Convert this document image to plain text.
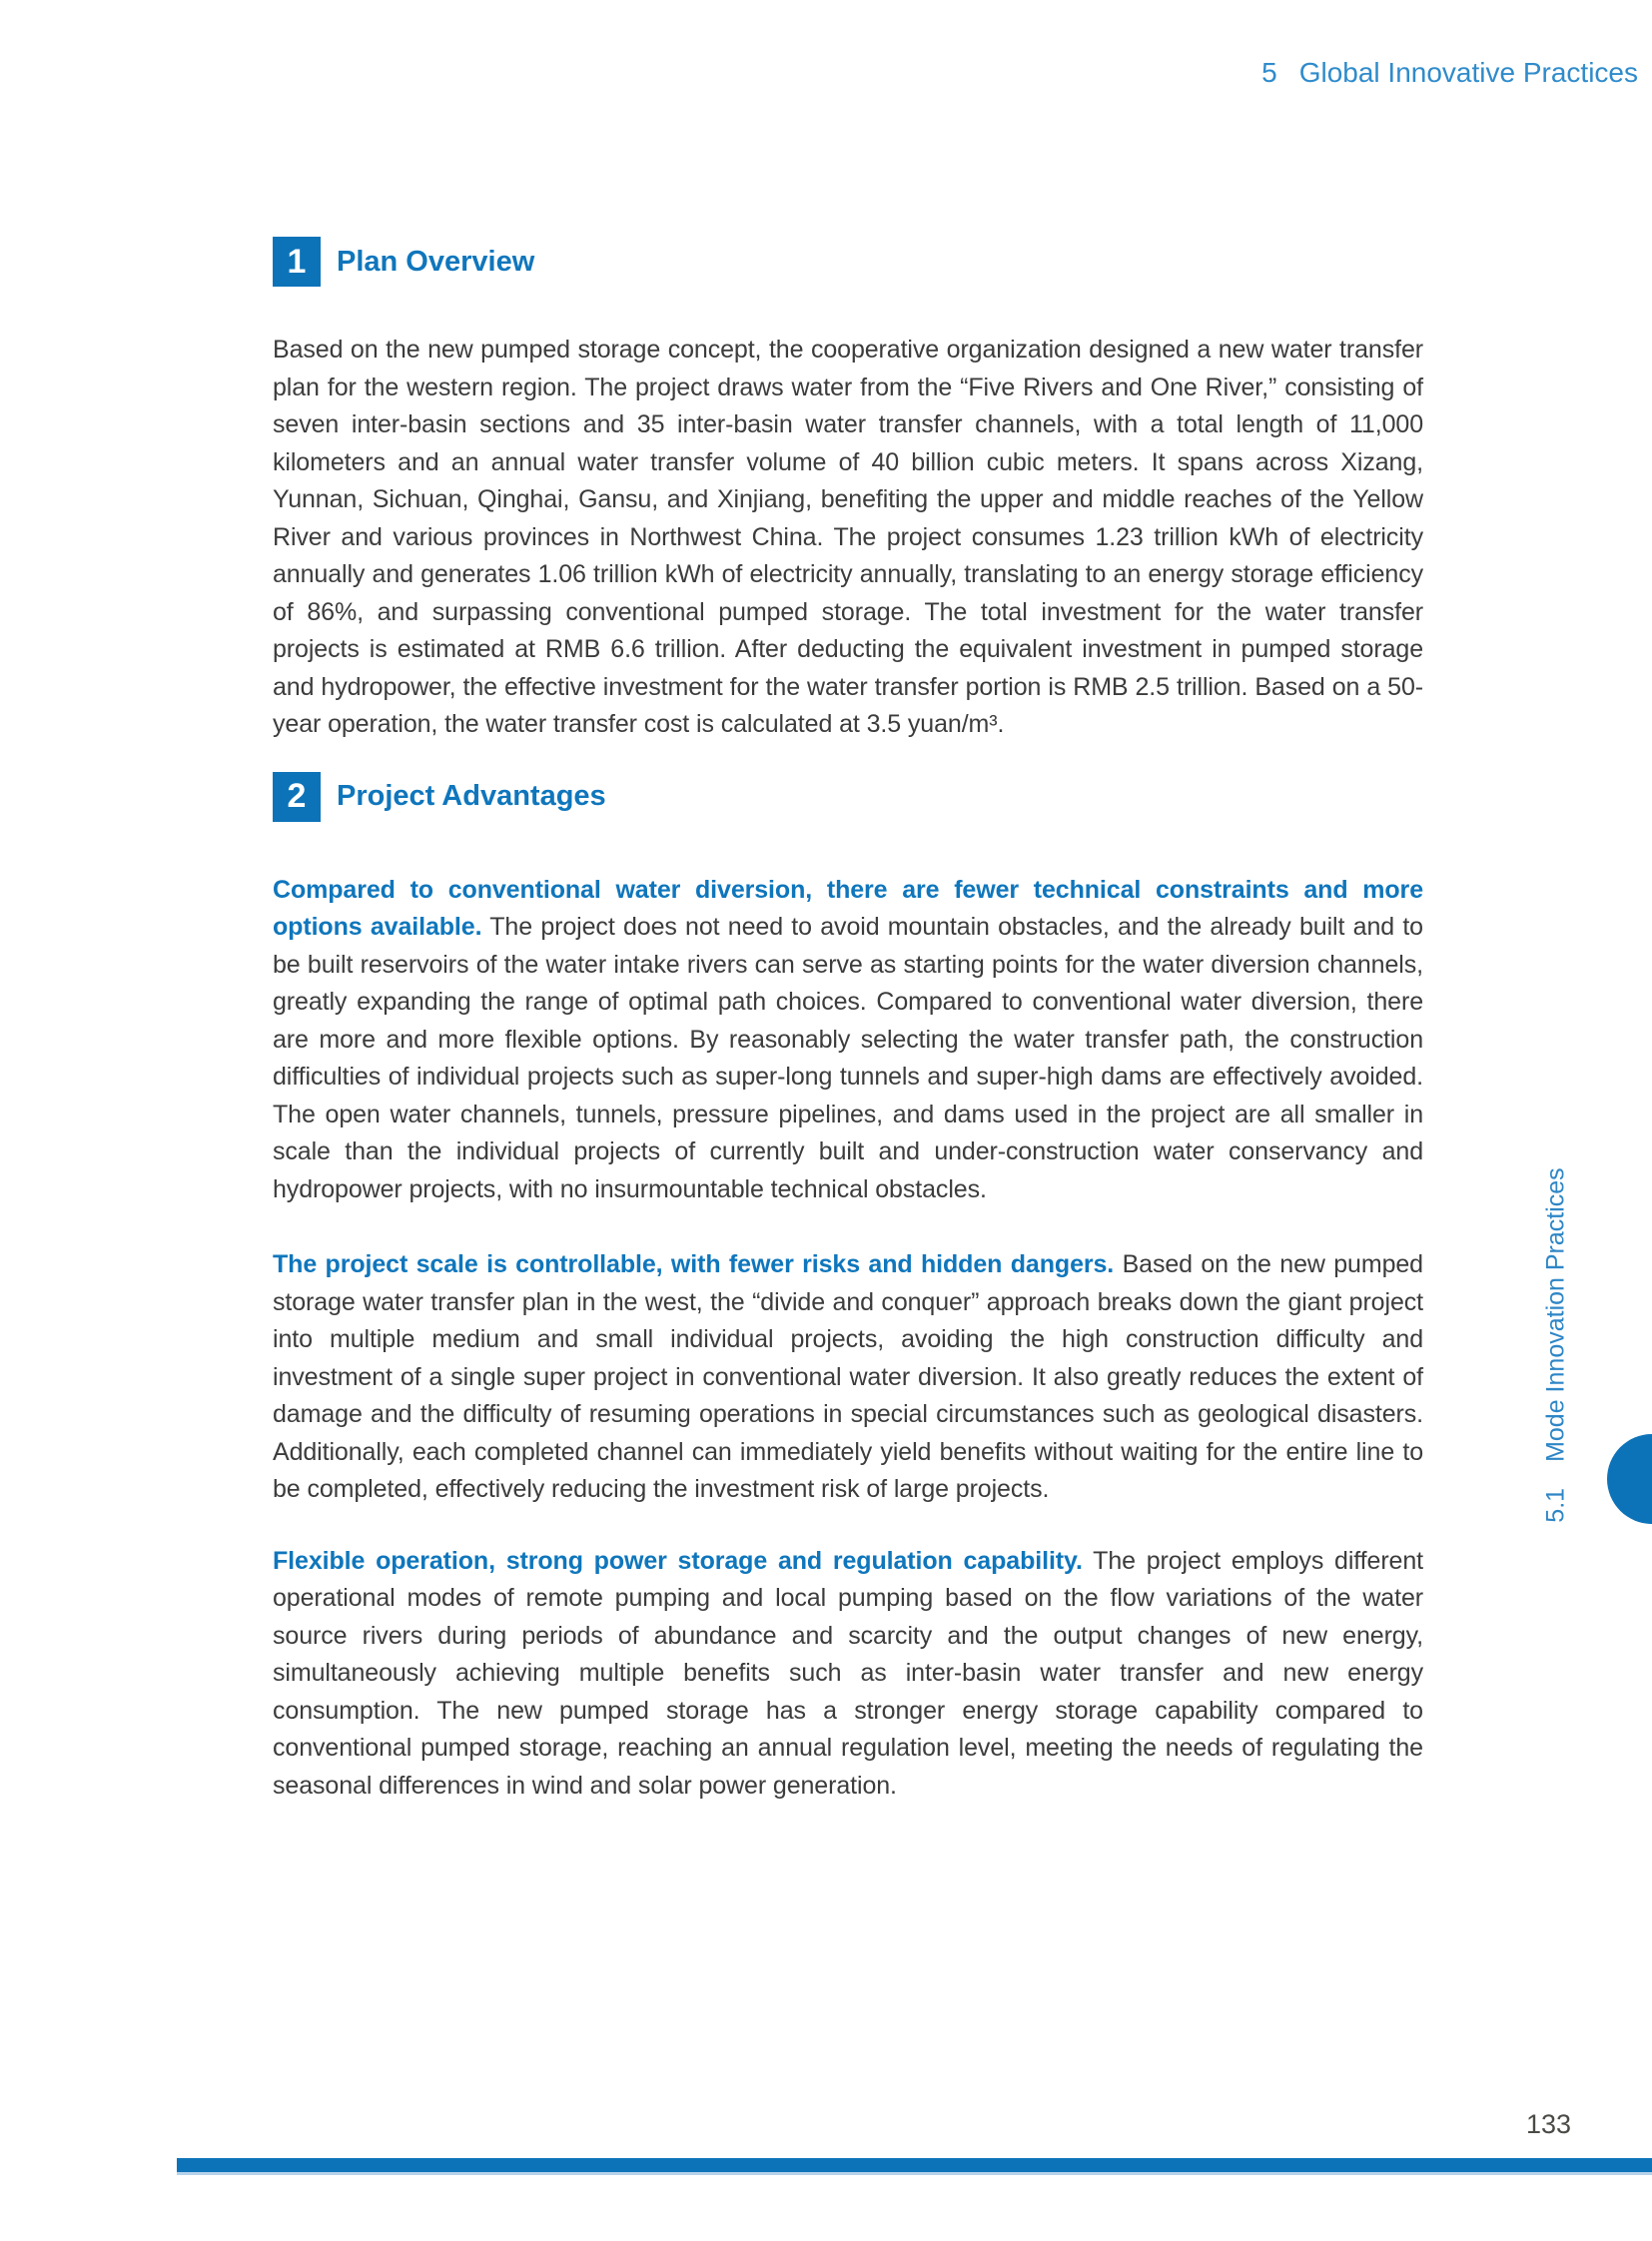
5 Global Innovative Practices
1	Plan Overview

Based on the new pumped storage concept, the cooperative organization designed a new water transfer plan for the western region. The project draws water from the “Five Rivers and One River,” consisting of seven inter-basin sections and 35 inter-basin water transfer channels, with a total length of 11,000 kilometers and an annual water transfer volume of 40 billion cubic meters. It spans across Xizang, Yunnan, Sichuan, Qinghai, Gansu, and Xinjiang, benefiting the upper and middle reaches of the Yellow River and various provinces in Northwest China. The project consumes 1.23 trillion kWh of electricity annually and generates 1.06 trillion kWh of electricity annually, translating to an energy storage efficiency of 86%, and surpassing conventional pumped storage. The total investment for the water transfer projects is estimated at RMB 6.6 trillion. After deducting the equivalent investment in pumped storage and hydropower, the effective investment for the water transfer portion is RMB 2.5 trillion. Based on a 50-year operation, the water transfer cost is calculated at 3.5 yuan/m³.

2	Project Advantages

Compared to conventional water diversion, there are fewer technical constraints and more options available. The project does not need to avoid mountain obstacles, and the already built and to be built reservoirs of the water intake rivers can serve as starting points for the water diversion channels, greatly expanding the range of optimal path choices. Compared to conventional water diversion, there are more and more flexible options. By reasonably selecting the water transfer path, the construction difficulties of individual projects such as super-long tunnels and super-high dams are effectively avoided. The open water channels, tunnels, pressure pipelines, and dams used in the project are all smaller in scale than the individual projects of currently built and under-construction water conservancy and hydropower projects, with no insurmountable technical obstacles.

The project scale is controllable, with fewer risks and hidden dangers. Based on the new pumped storage water transfer plan in the west, the “divide and conquer” approach breaks down the giant project into multiple medium and small individual projects, avoiding the high construction difficulty and investment of a single super project in conventional water diversion. It also greatly reduces the extent of damage and the difficulty of resuming operations in special circumstances such as geological disasters. Additionally, each completed channel can immediately yield benefits without waiting for the entire line to be completed, effectively reducing the investment risk of large projects.

Flexible operation, strong power storage and regulation capability. The project employs different operational modes of remote pumping and local pumping based on the flow variations of the water source rivers during periods of abundance and scarcity and the output changes of new energy, simultaneously achieving multiple benefits such as inter-basin water transfer and new energy consumption. The new pumped storage has a stronger energy storage capability compared to conventional pumped storage, reaching an annual regulation level, meeting the needs of regulating the seasonal differences in wind and solar power generation.

5.1Mode Innovation Practices
133
